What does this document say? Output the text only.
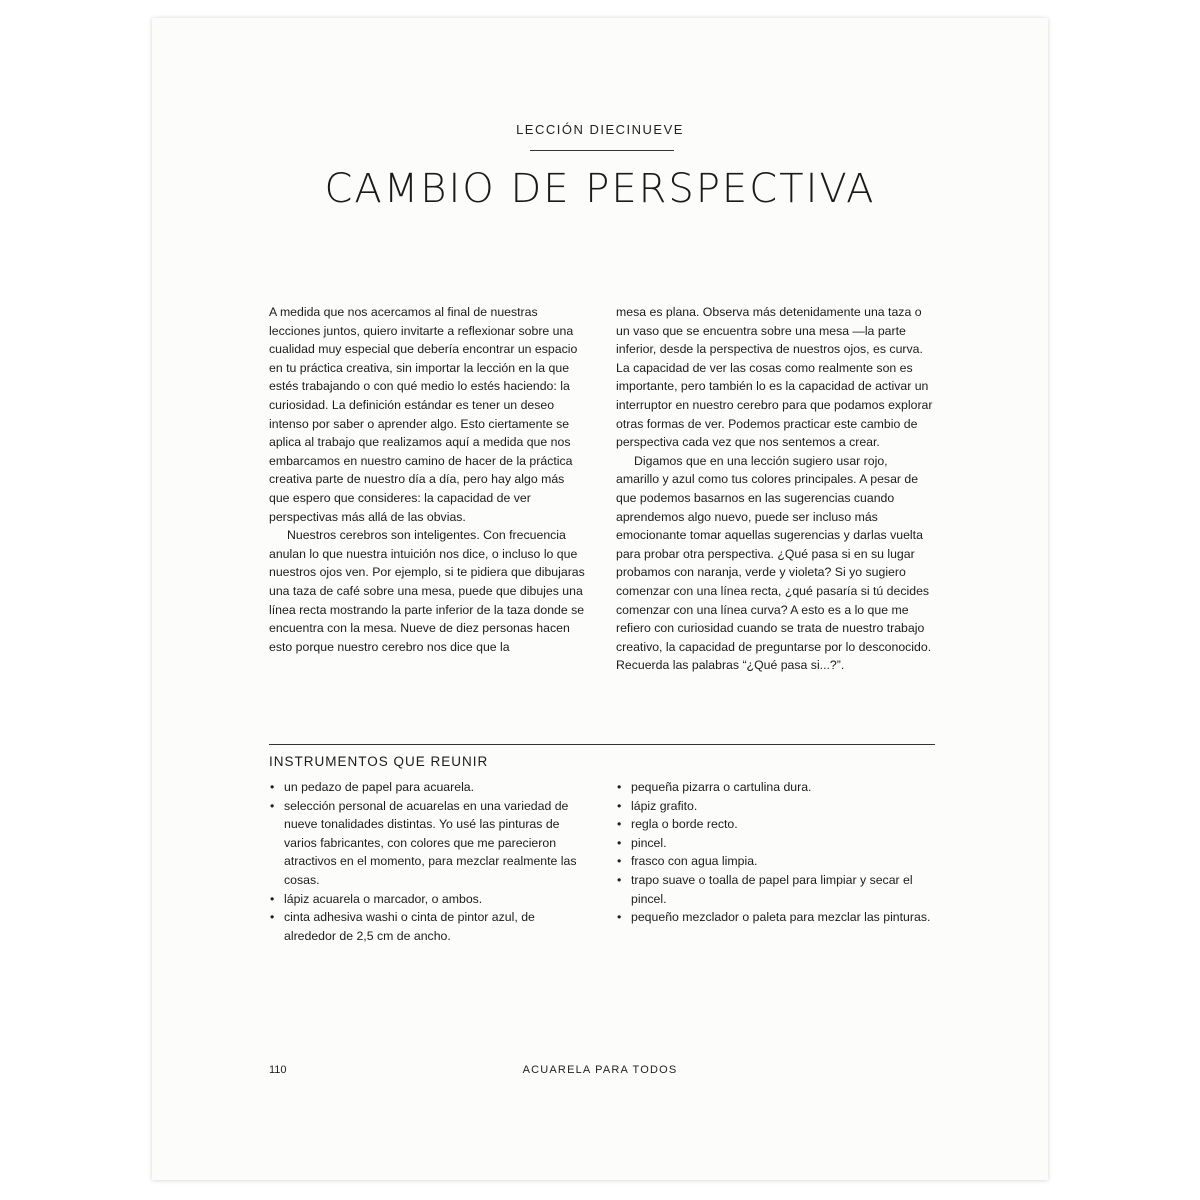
LECCIÓN DIECINUEVE
CAMBIO DE PERSPECTIVA

A medida que nos acercamos al final de nuestras lecciones juntos, quiero invitarte a reflexionar sobre una cualidad muy especial que debería encontrar un espacio en tu práctica creativa, sin importar la lección en la que estés trabajando o con qué medio lo estés haciendo: la curiosidad. La definición estándar es tener un deseo intenso por saber o aprender algo. Esto ciertamente se aplica al trabajo que realizamos aquí a medida que nos embarcamos en nuestro camino de hacer de la práctica creativa parte de nuestro día a día, pero hay algo más que espero que consideres: la capacidad de ver perspectivas más allá de las obvias.

Nuestros cerebros son inteligentes. Con frecuencia anulan lo que nuestra intuición nos dice, o incluso lo que nuestros ojos ven. Por ejemplo, si te pidiera que dibujaras una taza de café sobre una mesa, puede que dibujes una línea recta mostrando la parte inferior de la taza donde se encuentra con la mesa. Nueve de diez personas hacen esto porque nuestro cerebro nos dice que la

mesa es plana. Observa más detenidamente una taza o un vaso que se encuentra sobre una mesa —la parte inferior, desde la perspectiva de nuestros ojos, es curva. La capacidad de ver las cosas como realmente son es importante, pero también lo es la capacidad de activar un interruptor en nuestro cerebro para que podamos explorar otras formas de ver. Podemos practicar este cambio de perspectiva cada vez que nos sentemos a crear.

Digamos que en una lección sugiero usar rojo, amarillo y azul como tus colores principales. A pesar de que podemos basarnos en las sugerencias cuando aprendemos algo nuevo, puede ser incluso más emocionante tomar aquellas sugerencias y darlas vuelta para probar otra perspectiva. ¿Qué pasa si en su lugar probamos con naranja, verde y violeta? Si yo sugiero comenzar con una línea recta, ¿qué pasaría si tú decides comenzar con una línea curva? A esto es a lo que me refiero con curiosidad cuando se trata de nuestro trabajo creativo, la capacidad de preguntarse por lo desconocido. Recuerda las palabras “¿Qué pasa si...?”.

INSTRUMENTOS QUE REUNIR
• un pedazo de papel para acuarela.
• selección personal de acuarelas en una variedad de nueve tonalidades distintas. Yo usé las pinturas de varios fabricantes, con colores que me parecieron atractivos en el momento, para mezclar realmente las cosas.
• lápiz acuarela o marcador, o ambos.
• cinta adhesiva washi o cinta de pintor azul, de alrededor de 2,5 cm de ancho.
• pequeña pizarra o cartulina dura.
• lápiz grafito.
• regla o borde recto.
• pincel.
• frasco con agua limpia.
• trapo suave o toalla de papel para limpiar y secar el pincel.
• pequeño mezclador o paleta para mezclar las pinturas.
110	ACUARELA PARA TODOS
